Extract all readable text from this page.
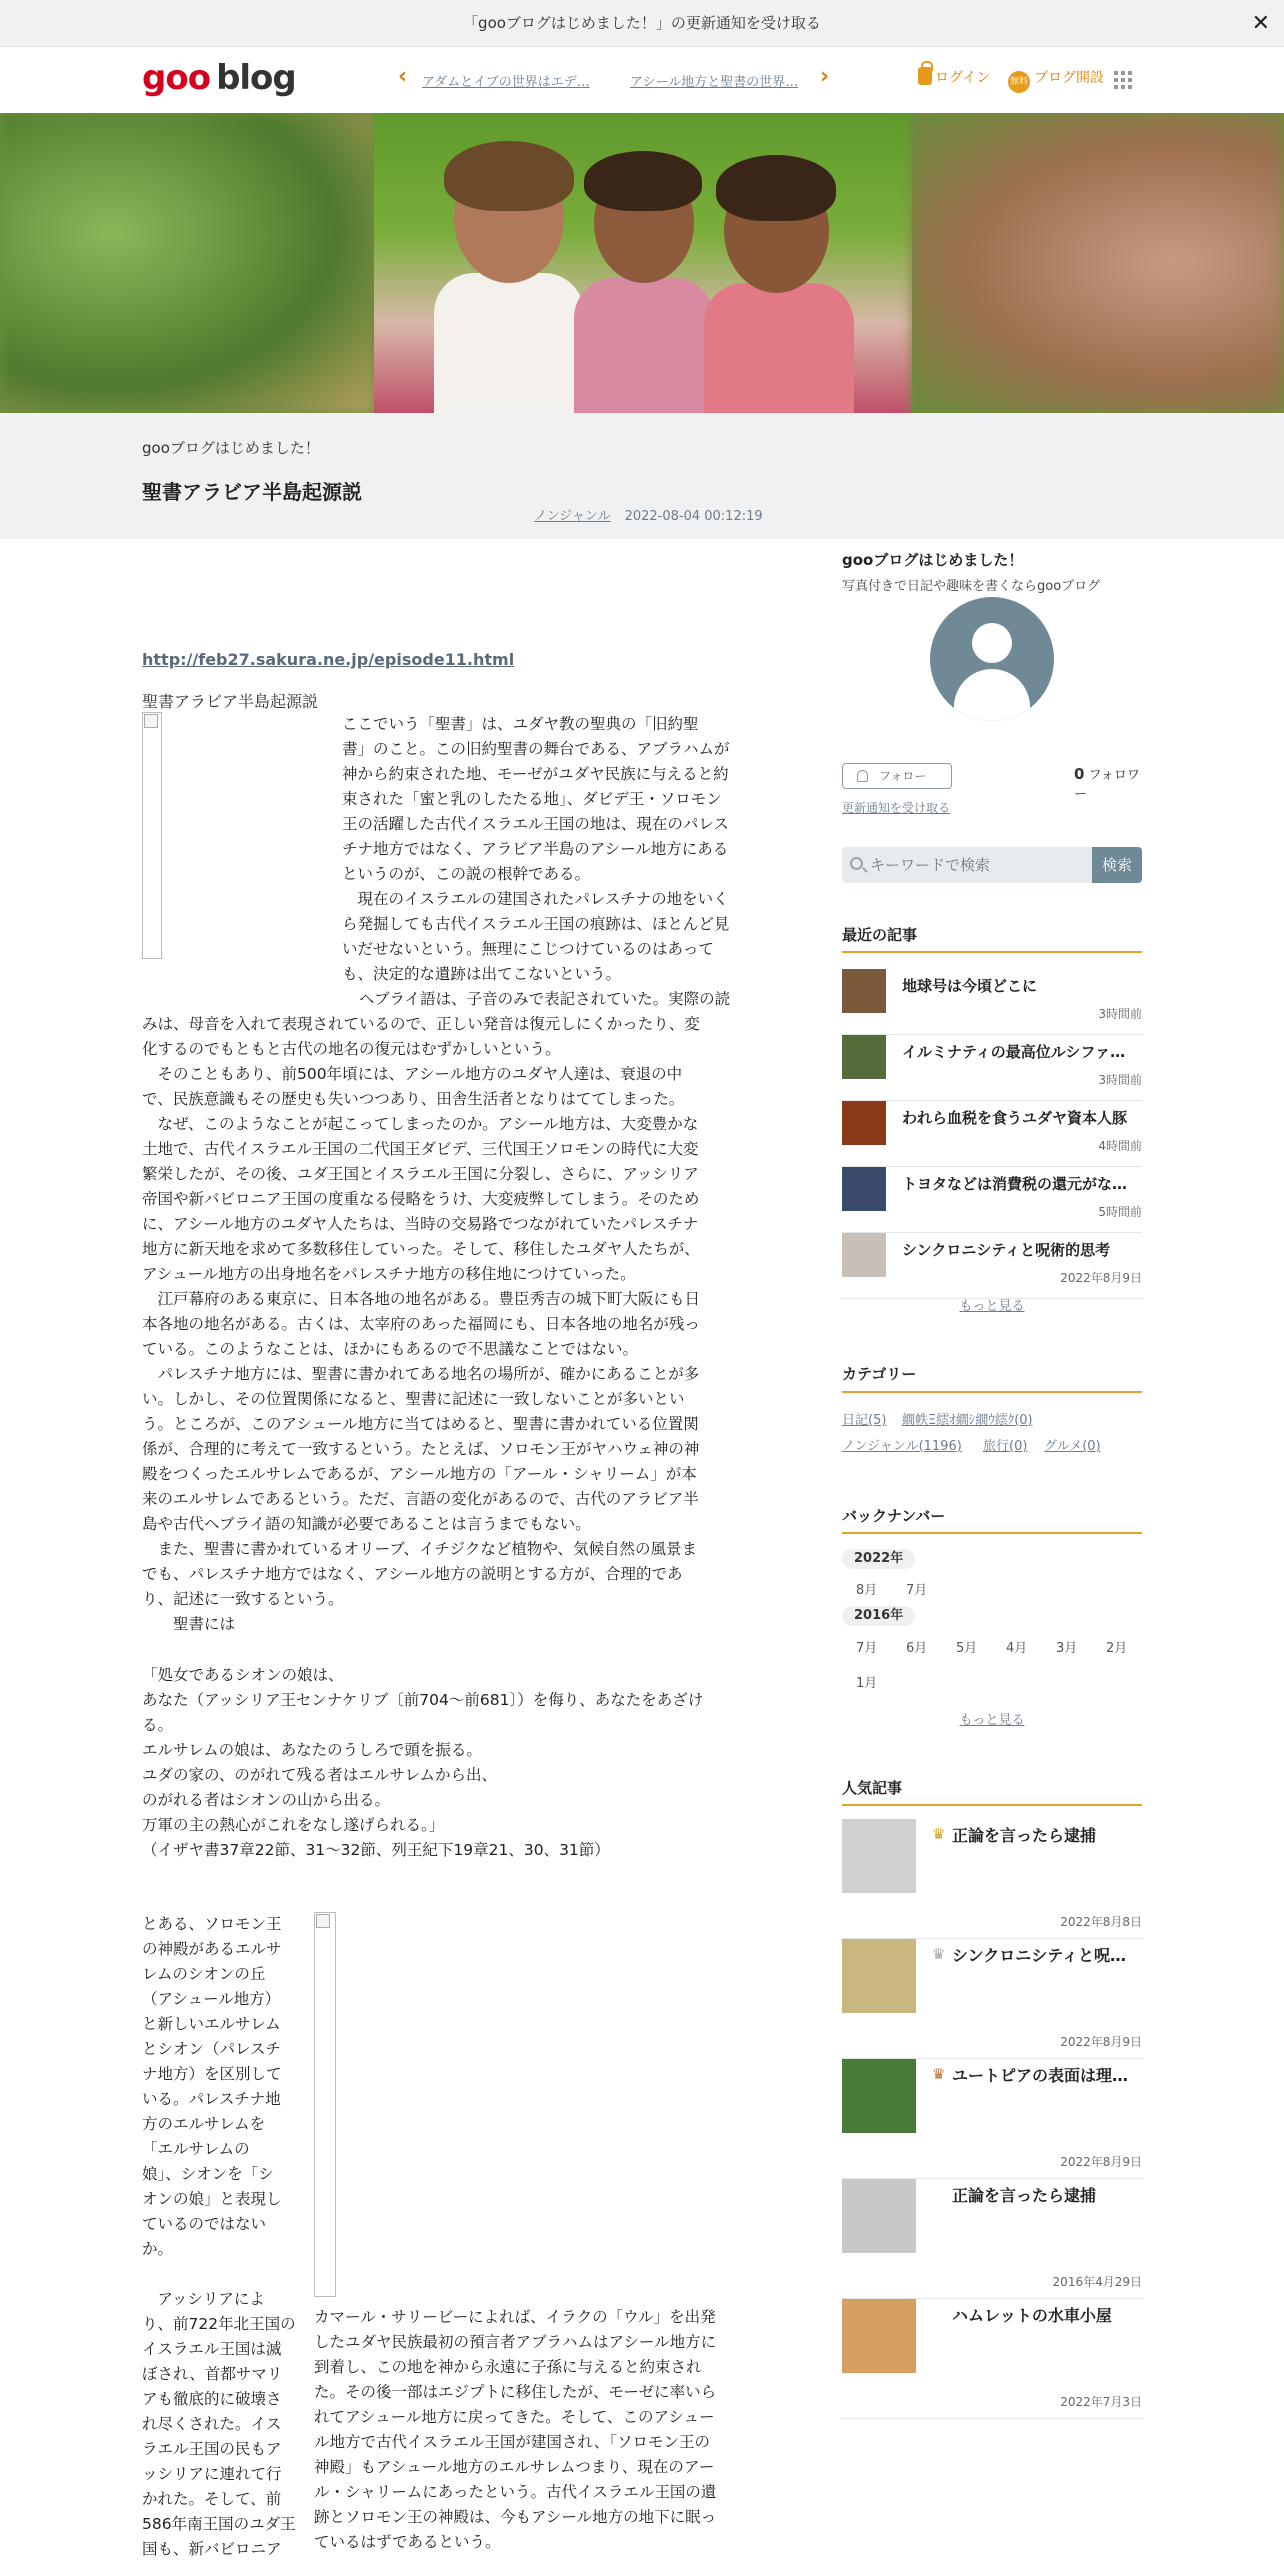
「gooブログはじめました！」の更新通知を受け取る	✕
goo blog	‹ アダムとイブの世界はエデ…	アシール地方と聖書の世界… ›	ログイン 無料 ブログ開設
gooブログはじめました！
聖書アラビア半島起源説
ノンジャンル 2022-08-04 00:12:19
http://feb27.sakura.ne.jp/episode11.html
聖書アラビア半島起源説
ここでいう「聖書」は、ユダヤ教の聖典の「旧約聖
書」のこと。この旧約聖書の舞台である、アブラハムが
神から約束された地、モーゼがユダヤ民族に与えると約
束された「蜜と乳のしたたる地」、ダビデ王・ソロモン
王の活躍した古代イスラエル王国の地は、現在のパレス
チナ地方ではなく、アラビア半島のアシール地方にある
というのが、この説の根幹である。
　現在のイスラエルの建国されたパレスチナの地をいく
ら発掘しても古代イスラエル王国の痕跡は、ほとんど見
いだせないという。無理にこじつけているのはあって
も、決定的な遺跡は出てこないという。
　　　　　　　　　　　　　　ヘブライ語は、子音のみで表記されていた。実際の読
みは、母音を入れて表現されているので、正しい発音は復元しにくかったり、変
化するのでもともと古代の地名の復元はむずかしいという。
　そのこともあり、前500年頃には、アシール地方のユダヤ人達は、衰退の中
で、民族意識もその歴史も失いつつあり、田舎生活者となりはててしまった。
　なぜ、このようなことが起こってしまったのか。アシール地方は、大変豊かな
土地で、古代イスラエル王国の二代国王ダビデ、三代国王ソロモンの時代に大変
繁栄したが、その後、ユダ王国とイスラエル王国に分裂し、さらに、アッシリア
帝国や新バビロニア王国の度重なる侵略をうけ、大変疲弊してしまう。そのため
に、アシール地方のユダヤ人たちは、当時の交易路でつながれていたパレスチナ
地方に新天地を求めて多数移住していった。そして、移住したユダヤ人たちが、
アシュール地方の出身地名をパレスチナ地方の移住地につけていった。
　江戸幕府のある東京に、日本各地の地名がある。豊臣秀吉の城下町大阪にも日
本各地の地名がある。古くは、太宰府のあった福岡にも、日本各地の地名が残っ
ている。このようなことは、ほかにもあるので不思議なことではない。
　パレスチナ地方には、聖書に書かれてある地名の場所が、確かにあることが多
い。しかし、その位置関係になると、聖書に記述に一致しないことが多いとい
う。ところが、このアシュール地方に当てはめると、聖書に書かれている位置関
係が、合理的に考えて一致するという。たとえば、ソロモン王がヤハウェ神の神
殿をつくったエルサレムであるが、アシール地方の「アール・シャリーム」が本
来のエルサレムであるという。ただ、言語の変化があるので、古代のアラビア半
島や古代ヘブライ語の知識が必要であることは言うまでもない。
　また、聖書に書かれているオリーブ、イチジクなど植物や、気候自然の風景ま
でも、パレスチナ地方ではなく、アシール地方の説明とする方が、合理的であ
り、記述に一致するという。
　　聖書には
「処女であるシオンの娘は、
あなた（アッシリア王センナケリブ〔前704～前681〕）を侮り、あなたをあざけ
る。
エルサレムの娘は、あなたのうしろで頭を振る。
ユダの家の、のがれて残る者はエルサレムから出、
のがれる者はシオンの山から出る。
万軍の主の熱心がこれをなし遂げられる。」
（イザヤ書37章22節、31～32節、列王紀下19章21、30、31節）
とある、ソロモン王
の神殿があるエルサ
レムのシオンの丘
（アシュール地方）
と新しいエルサレム
とシオン（パレスチ
ナ地方）を区別して
いる。パレスチナ地
方のエルサレムを
「エルサレムの
娘」、シオンを「シ
オンの娘」と表現し
ているのではない
か。
　アッシリアによ
り、前722年北王国の
イスラエル王国は滅
ぼされ、首都サマリ
アも徹底的に破壊さ
れ尽くされた。イス
ラエル王国の民もア
ッシリアに連れて行
かれた。そして、前
586年南王国のユダ王
国も、新バビロニア
カマール・サリービーによれば、イラクの「ウル」を出発
したユダヤ民族最初の預言者アブラハムはアシール地方に
到着し、この地を神から永遠に子孫に与えると約束され
た。その後一部はエジプトに移住したが、モーゼに率いら
れてアシュール地方に戻ってきた。そして、このアシュー
ル地方で古代イスラエル王国が建国され、「ソロモン王の
神殿」もアシュール地方のエルサレムつまり、現在のアー
ル・シャリームにあったという。古代イスラエル王国の遺
跡とソロモン王の神殿は、今もアシール地方の地下に眠っ
ているはずであるという。
gooブログはじめました！
写真付きで日記や趣味を書くならgooブログ
フォロー	0 フォロワー
更新通知を受け取る
キーワードで検索
検索
最近の記事
地球号は今頃どこに
3時間前
イルミナティの最高位ルシファ…
3時間前
われら血税を食うユダヤ資本人豚
4時間前
トヨタなどは消費税の還元がな…
5時間前
シンクロニシティと呪術的思考
2022年8月9日
もっと見る
カテゴリー
日記(5) 繝帙Ξ繧ｵ繝ｼ繝ｳ繧ｸ(0)
ノンジャンル(1196) 旅行(0) グルメ(0)
バックナンバー
2022年
8月 7月
2016年
7月 6月 5月 4月 3月 2月
1月
もっと見る
人気記事
♛ 正論を言ったら逮捕
2022年8月8日
♛ シンクロニシティと呪…
2022年8月9日
♛ ユートピアの表面は理…
2022年8月9日
正論を言ったら逮捕
2016年4月29日
ハムレットの水車小屋
2022年7月3日
